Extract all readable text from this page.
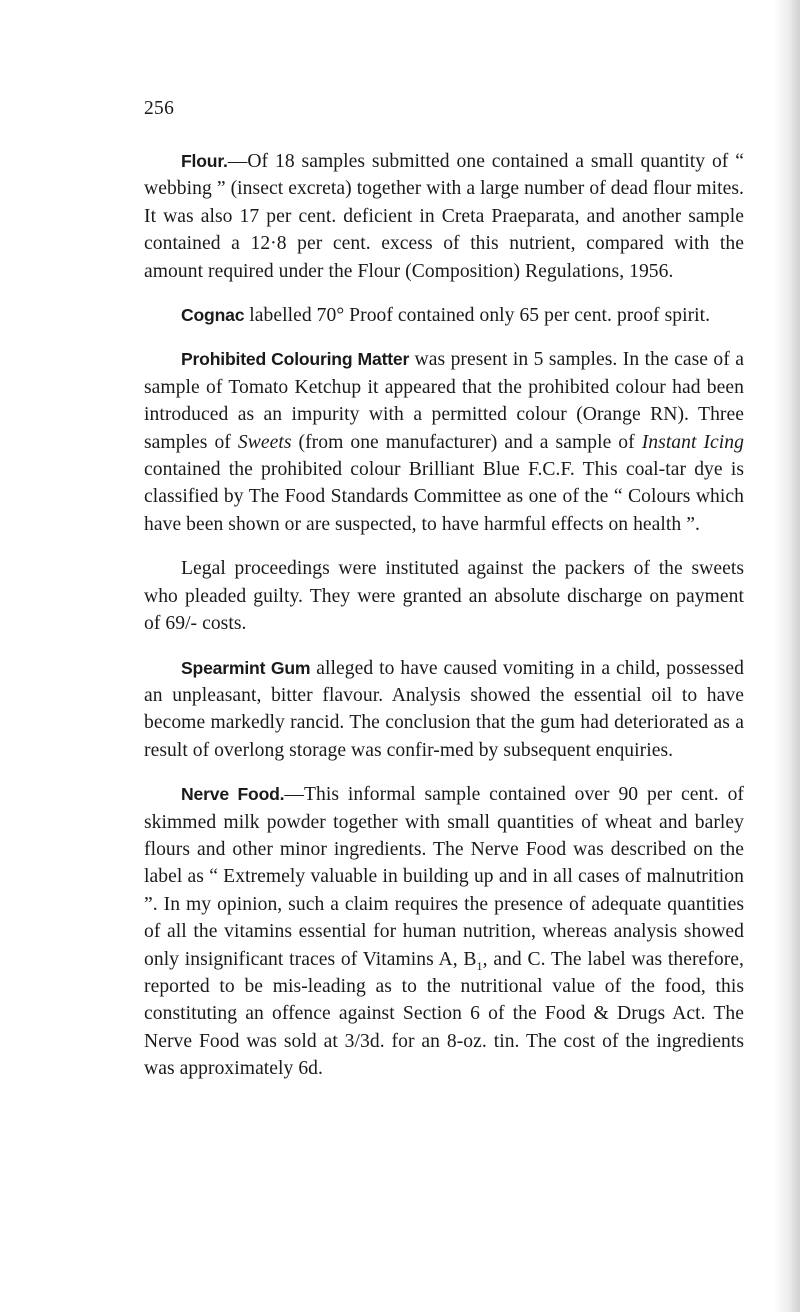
256

Flour.—Of 18 samples submitted one contained a small quantity of “ webbing ” (insect excreta) together with a large number of dead flour mites. It was also 17 per cent. deficient in Creta Praeparata, and another sample contained a 12·8 per cent. excess of this nutrient, compared with the amount required under the Flour (Composition) Regulations, 1956.

Cognac labelled 70° Proof contained only 65 per cent. proof spirit.

Prohibited Colouring Matter was present in 5 samples. In the case of a sample of Tomato Ketchup it appeared that the prohibited colour had been introduced as an impurity with a permitted colour (Orange RN). Three samples of Sweets (from one manufacturer) and a sample of Instant Icing contained the prohibited colour Brilliant Blue F.C.F. This coal-tar dye is classified by The Food Standards Committee as one of the “ Colours which have been shown or are suspected, to have harmful effects on health ”.

Legal proceedings were instituted against the packers of the sweets who pleaded guilty. They were granted an absolute discharge on payment of 69/- costs.

Spearmint Gum alleged to have caused vomiting in a child, possessed an unpleasant, bitter flavour. Analysis showed the essential oil to have become markedly rancid. The conclusion that the gum had deteriorated as a result of overlong storage was confir-med by subsequent enquiries.

Nerve Food.—This informal sample contained over 90 per cent. of skimmed milk powder together with small quantities of wheat and barley flours and other minor ingredients. The Nerve Food was described on the label as “ Extremely valuable in building up and in all cases of malnutrition ”. In my opinion, such a claim requires the presence of adequate quantities of all the vitamins essential for human nutrition, whereas analysis showed only insignificant traces of Vitamins A, $B_1$, and C. The label was therefore, reported to be mis-leading as to the nutritional value of the food, this constituting an offence against Section 6 of the Food & Drugs Act. The Nerve Food was sold at 3/3d. for an 8-oz. tin. The cost of the ingredients was approximately 6d.
